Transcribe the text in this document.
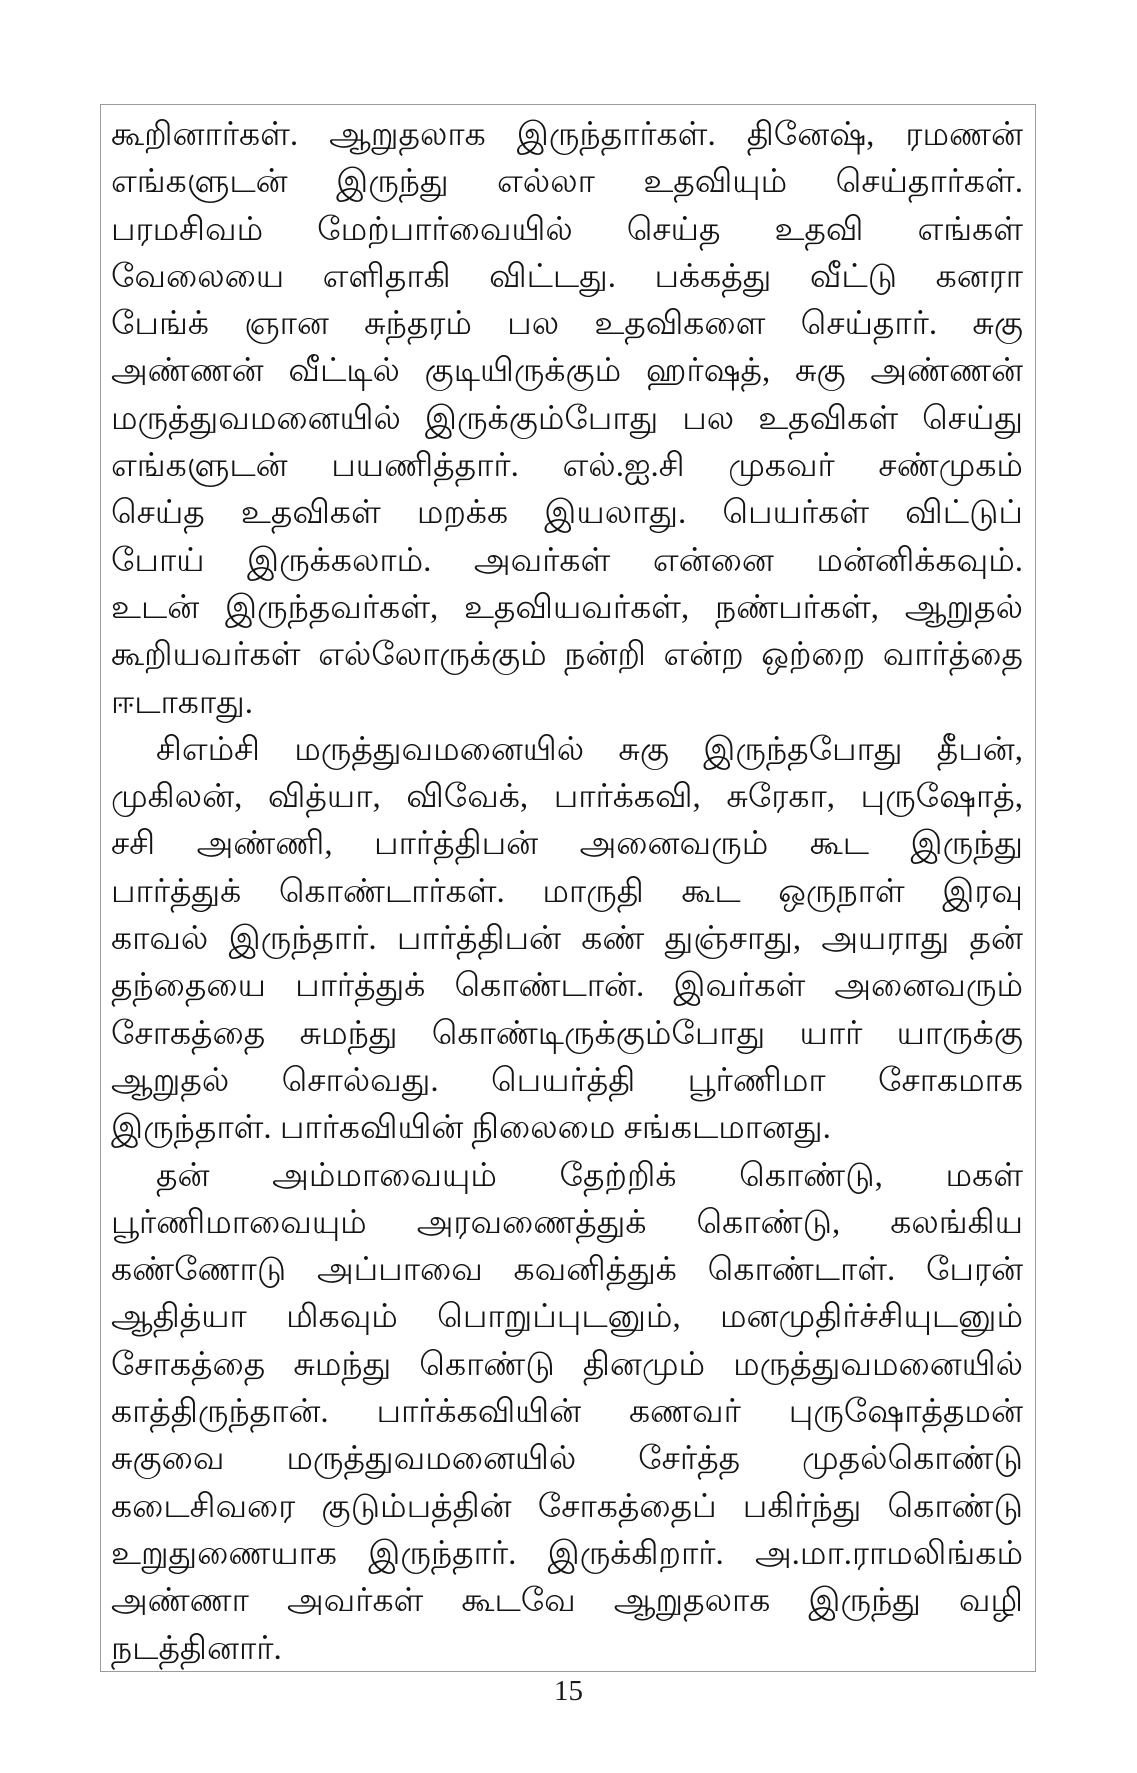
கூறினார்கள். ஆறுதலாக இருந்தார்கள். தினேஷ், ரமணன்
எங்களுடன் இருந்து எல்லா உதவியும் செய்தார்கள்.
பரமசிவம் மேற்பார்வையில் செய்த உதவி எங்கள்
வேலையை எளிதாகி விட்டது. பக்கத்து வீட்டு கனரா
பேங்க் ஞான சுந்தரம் பல உதவிகளை செய்தார். சுகு
அண்ணன் வீட்டில் குடியிருக்கும் ஹர்ஷத், சுகு அண்ணன்
மருத்துவமனையில் இருக்கும்போது பல உதவிகள் செய்து
எங்களுடன் பயணித்தார். எல்.ஐ.சி முகவர் சண்முகம்
செய்த உதவிகள் மறக்க இயலாது. பெயர்கள் விட்டுப்
போய் இருக்கலாம். அவர்கள் என்னை மன்னிக்கவும்.
உடன் இருந்தவர்கள், உதவியவர்கள், நண்பர்கள், ஆறுதல்
கூறியவர்கள் எல்லோருக்கும் நன்றி என்ற ஒற்றை வார்த்தை
ஈடாகாது.
சிஎம்சி மருத்துவமனையில் சுகு இருந்தபோது தீபன்,
முகிலன், வித்யா, விவேக், பார்க்கவி, சுரேகா, புருஷோத்,
சசி அண்ணி, பார்த்திபன் அனைவரும் கூட இருந்து
பார்த்துக் கொண்டார்கள். மாருதி கூட ஒருநாள் இரவு
காவல் இருந்தார். பார்த்திபன் கண் துஞ்சாது, அயராது தன்
தந்தையை பார்த்துக் கொண்டான். இவர்கள் அனைவரும்
சோகத்தை சுமந்து கொண்டிருக்கும்போது யார் யாருக்கு
ஆறுதல் சொல்வது. பெயர்த்தி பூர்ணிமா சோகமாக
இருந்தாள். பார்கவியின் நிலைமை சங்கடமானது.
தன் அம்மாவையும் தேற்றிக் கொண்டு, மகள்
பூர்ணிமாவையும் அரவணைத்துக் கொண்டு, கலங்கிய
கண்ணோடு அப்பாவை கவனித்துக் கொண்டாள். பேரன்
ஆதித்யா மிகவும் பொறுப்புடனும், மனமுதிர்ச்சியுடனும்
சோகத்தை சுமந்து கொண்டு தினமும் மருத்துவமனையில்
காத்திருந்தான். பார்க்கவியின் கணவர் புருஷோத்தமன்
சுகுவை மருத்துவமனையில் சேர்த்த முதல்கொண்டு
கடைசிவரை குடும்பத்தின் சோகத்தைப் பகிர்ந்து கொண்டு
உறுதுணையாக இருந்தார். இருக்கிறார். அ.மா.ராமலிங்கம்
அண்ணா அவர்கள் கூடவே ஆறுதலாக இருந்து வழி
நடத்தினார்.
15
